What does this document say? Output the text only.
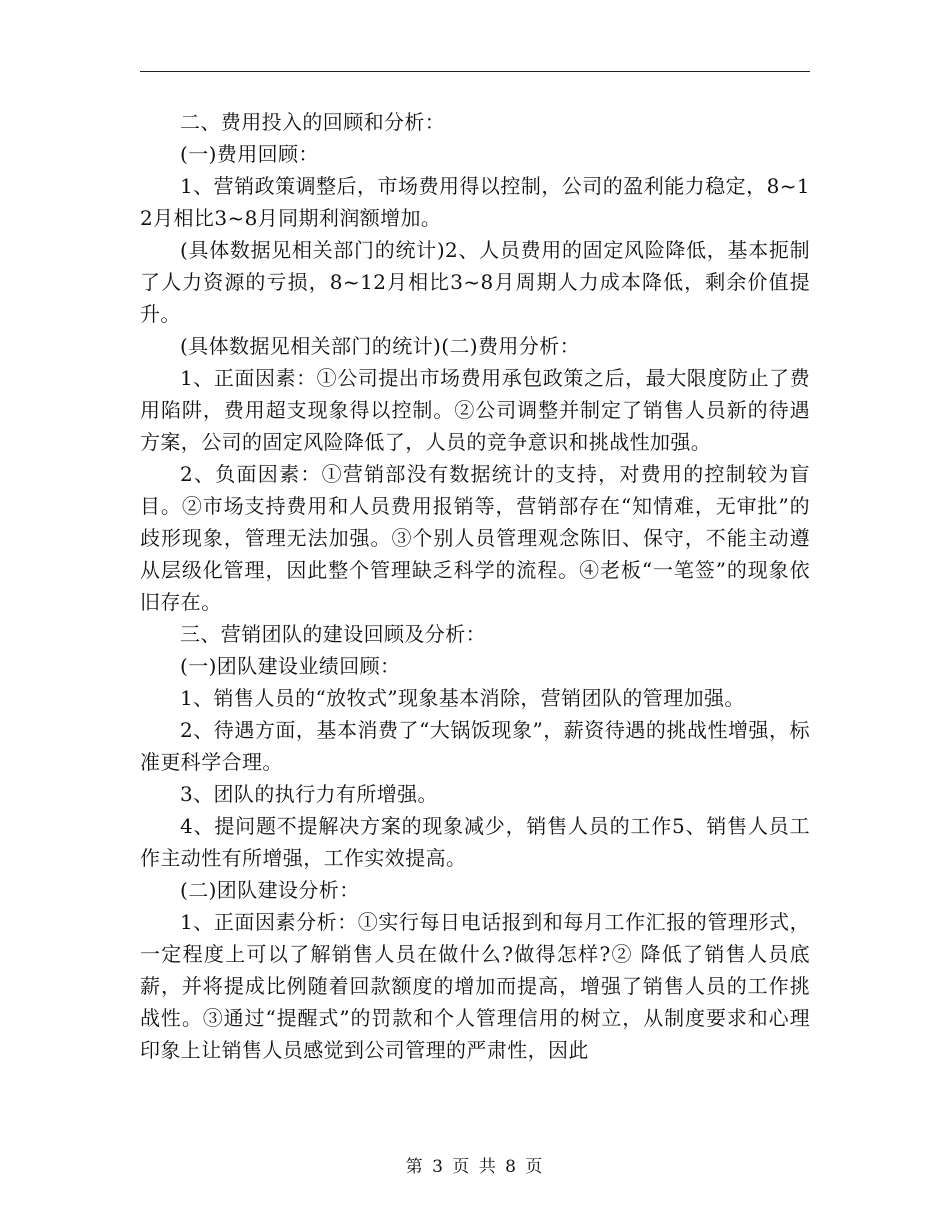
二、费用投入的回顾和分析：

(一)费用回顾：

1、营销政策调整后，市场费用得以控制，公司的盈利能力稳定，8~12月相比3~8月同期利润额增加。

(具体数据见相关部门的统计)2、人员费用的固定风险降低，基本扼制了人力资源的亏损，8~12月相比3~8月周期人力成本降低，剩余价值提升。

(具体数据见相关部门的统计)(二)费用分析：

1、正面因素：①公司提出市场费用承包政策之后，最大限度防止了费用陷阱，费用超支现象得以控制。②公司调整并制定了销售人员新的待遇方案，公司的固定风险降低了，人员的竞争意识和挑战性加强。

2、负面因素：①营销部没有数据统计的支持，对费用的控制较为盲目。②市场支持费用和人员费用报销等，营销部存在“知情难，无审批”的歧形现象，管理无法加强。③个别人员管理观念陈旧、保守，不能主动遵从层级化管理，因此整个管理缺乏科学的流程。④老板“一笔签”的现象依旧存在。

三、营销团队的建设回顾及分析：

(一)团队建设业绩回顾：

1、销售人员的“放牧式”现象基本消除，营销团队的管理加强。

2、待遇方面，基本消费了“大锅饭现象”，薪资待遇的挑战性增强，标准更科学合理。

3、团队的执行力有所增强。

4、提问题不提解决方案的现象减少，销售人员的工作5、销售人员工作主动性有所增强，工作实效提高。

(二)团队建设分析：

1、正面因素分析：①实行每日电话报到和每月工作汇报的管理形式，一定程度上可以了解销售人员在做什么?做得怎样?② 降低了销售人员底薪，并将提成比例随着回款额度的增加而提高，增强了销售人员的工作挑战性。③通过“提醒式”的罚款和个人管理信用的树立，从制度要求和心理印象上让销售人员感觉到公司管理的严肃性，因此

第 3 页 共 8 页
